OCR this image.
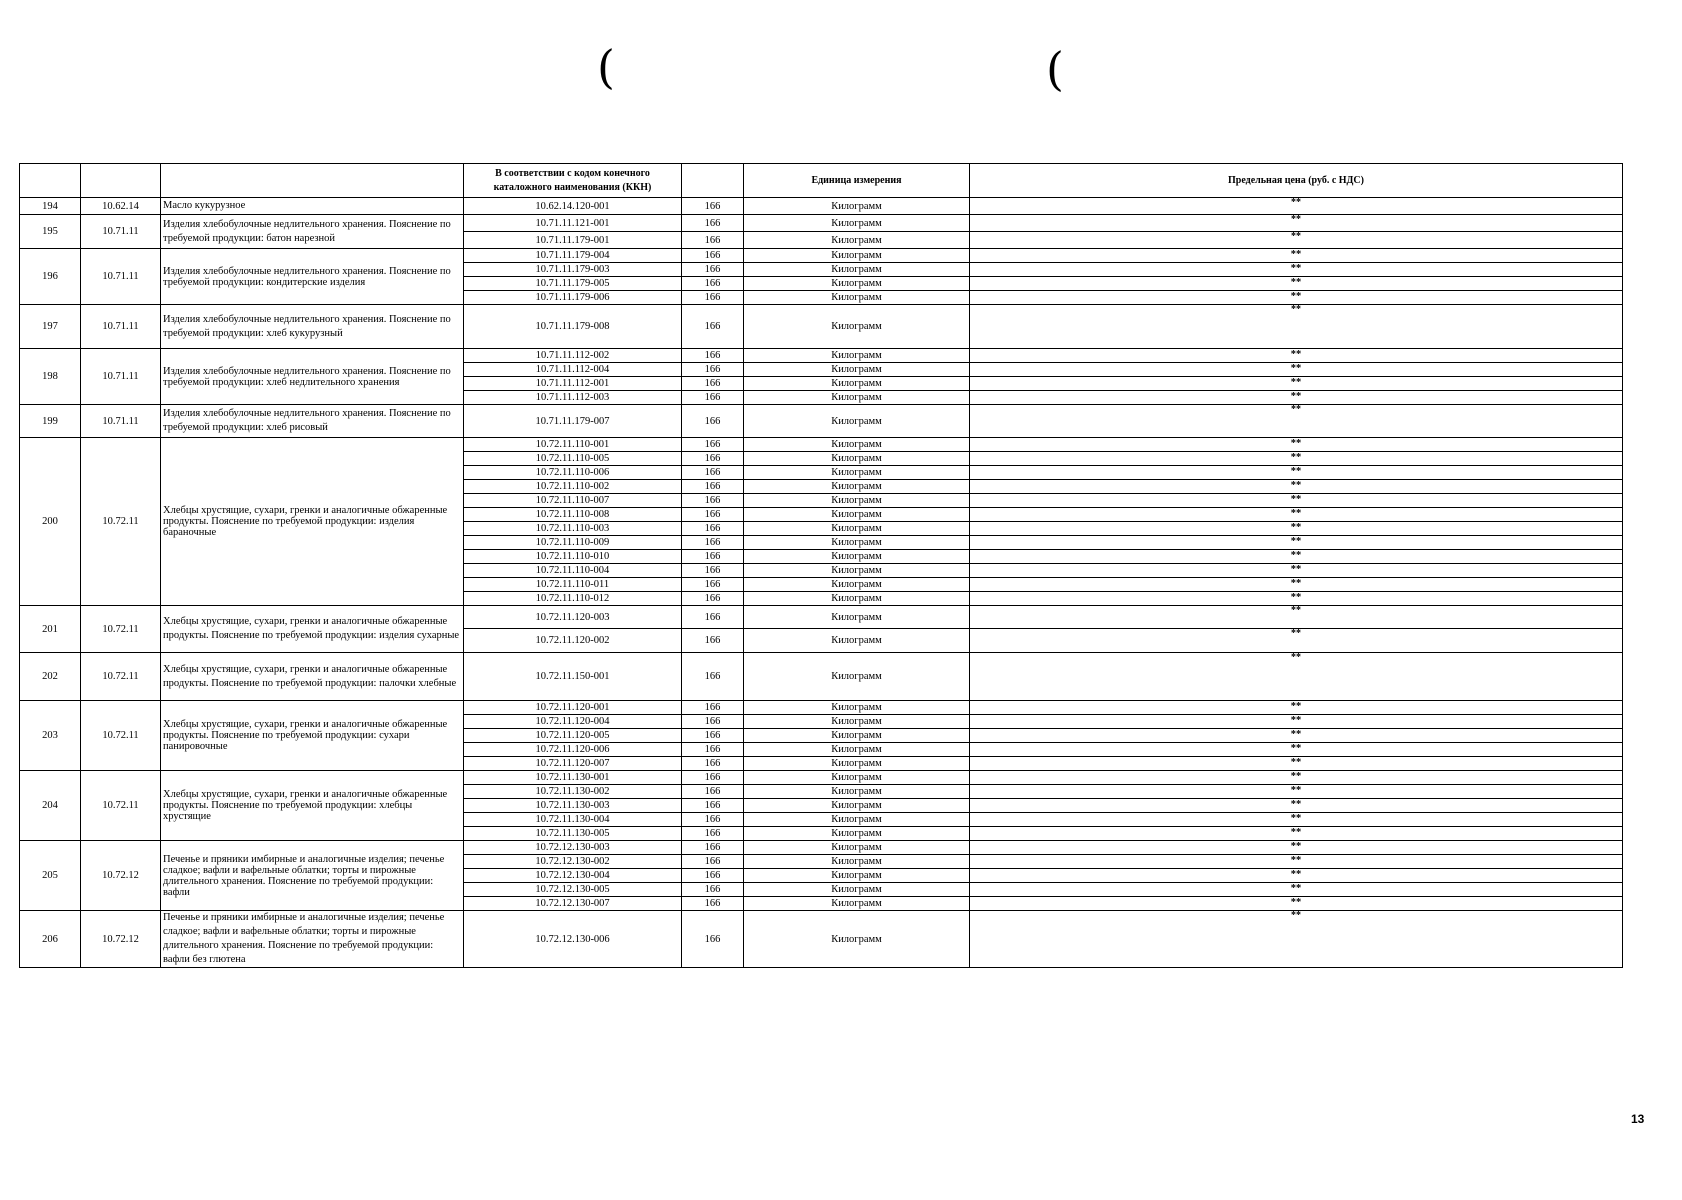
(	(
			В соответствии с кодом конечного каталожного наименования (ККН)		Единица измерения	Предельная цена (руб. с НДС)
194	10.62.14	Масло кукурузное	10.62.14.120-001	166	Килограмм	**
195	10.71.11	Изделия хлебобулочные недлительного хранения. Пояснение по требуемой продукции: батон нарезной	10.71.11.121-001	166	Килограмм	**
			10.71.11.179-001	166	Килограмм	**
196	10.71.11	Изделия хлебобулочные недлительного хранения. Пояснение по требуемой продукции: кондитерские изделия	10.71.11.179-004	166	Килограмм	**
			10.71.11.179-003	166	Килограмм	**
			10.71.11.179-005	166	Килограмм	**
			10.71.11.179-006	166	Килограмм	**
197	10.71.11	Изделия хлебобулочные недлительного хранения. Пояснение по требуемой продукции: хлеб кукурузный	10.71.11.179-008	166	Килограмм	**
198	10.71.11	Изделия хлебобулочные недлительного хранения. Пояснение по требуемой продукции: хлеб недлительного хранения	10.71.11.112-002	166	Килограмм	**
			10.71.11.112-004	166	Килограмм	**
			10.71.11.112-001	166	Килограмм	**
			10.71.11.112-003	166	Килограмм	**
199	10.71.11	Изделия хлебобулочные недлительного хранения. Пояснение по требуемой продукции: хлеб рисовый	10.71.11.179-007	166	Килограмм	**
200	10.72.11	Хлебцы хрустящие, сухари, гренки и аналогичные обжаренные продукты. Пояснение по требуемой продукции: изделия бараночные	10.72.11.110-001	166	Килограмм	**
			10.72.11.110-005	166	Килограмм	**
			10.72.11.110-006	166	Килограмм	**
			10.72.11.110-002	166	Килограмм	**
			10.72.11.110-007	166	Килограмм	**
			10.72.11.110-008	166	Килограмм	**
			10.72.11.110-003	166	Килограмм	**
			10.72.11.110-009	166	Килограмм	**
			10.72.11.110-010	166	Килограмм	**
			10.72.11.110-004	166	Килограмм	**
			10.72.11.110-011	166	Килограмм	**
			10.72.11.110-012	166	Килограмм	**
201	10.72.11	Хлебцы хрустящие, сухари, гренки и аналогичные обжаренные продукты. Пояснение по требуемой продукции: изделия сухарные	10.72.11.120-003	166	Килограмм	**
			10.72.11.120-002	166	Килограмм	**
202	10.72.11	Хлебцы хрустящие, сухари, гренки и аналогичные обжаренные продукты. Пояснение по требуемой продукции: палочки хлебные	10.72.11.150-001	166	Килограмм	**
203	10.72.11	Хлебцы хрустящие, сухари, гренки и аналогичные обжаренные продукты. Пояснение по требуемой продукции: сухари панировочные	10.72.11.120-001	166	Килограмм	**
			10.72.11.120-004	166	Килограмм	**
			10.72.11.120-005	166	Килограмм	**
			10.72.11.120-006	166	Килограмм	**
			10.72.11.120-007	166	Килограмм	**
204	10.72.11	Хлебцы хрустящие, сухари, гренки и аналогичные обжаренные продукты. Пояснение по требуемой продукции: хлебцы хрустящие	10.72.11.130-001	166	Килограмм	**
			10.72.11.130-002	166	Килограмм	**
			10.72.11.130-003	166	Килограмм	**
			10.72.11.130-004	166	Килограмм	**
			10.72.11.130-005	166	Килограмм	**
205	10.72.12	Печенье и пряники имбирные и аналогичные изделия; печенье сладкое; вафли и вафельные облатки; торты и пирожные длительного хранения. Пояснение по требуемой продукции: вафли	10.72.12.130-003	166	Килограмм	**
			10.72.12.130-002	166	Килограмм	**
			10.72.12.130-004	166	Килограмм	**
			10.72.12.130-005	166	Килограмм	**
			10.72.12.130-007	166	Килограмм	**
206	10.72.12	Печенье и пряники имбирные и аналогичные изделия; печенье сладкое; вафли и вафельные облатки; торты и пирожные длительного хранения. Пояснение по требуемой продукции: вафли без глютена	10.72.12.130-006	166	Килограмм	**
13
